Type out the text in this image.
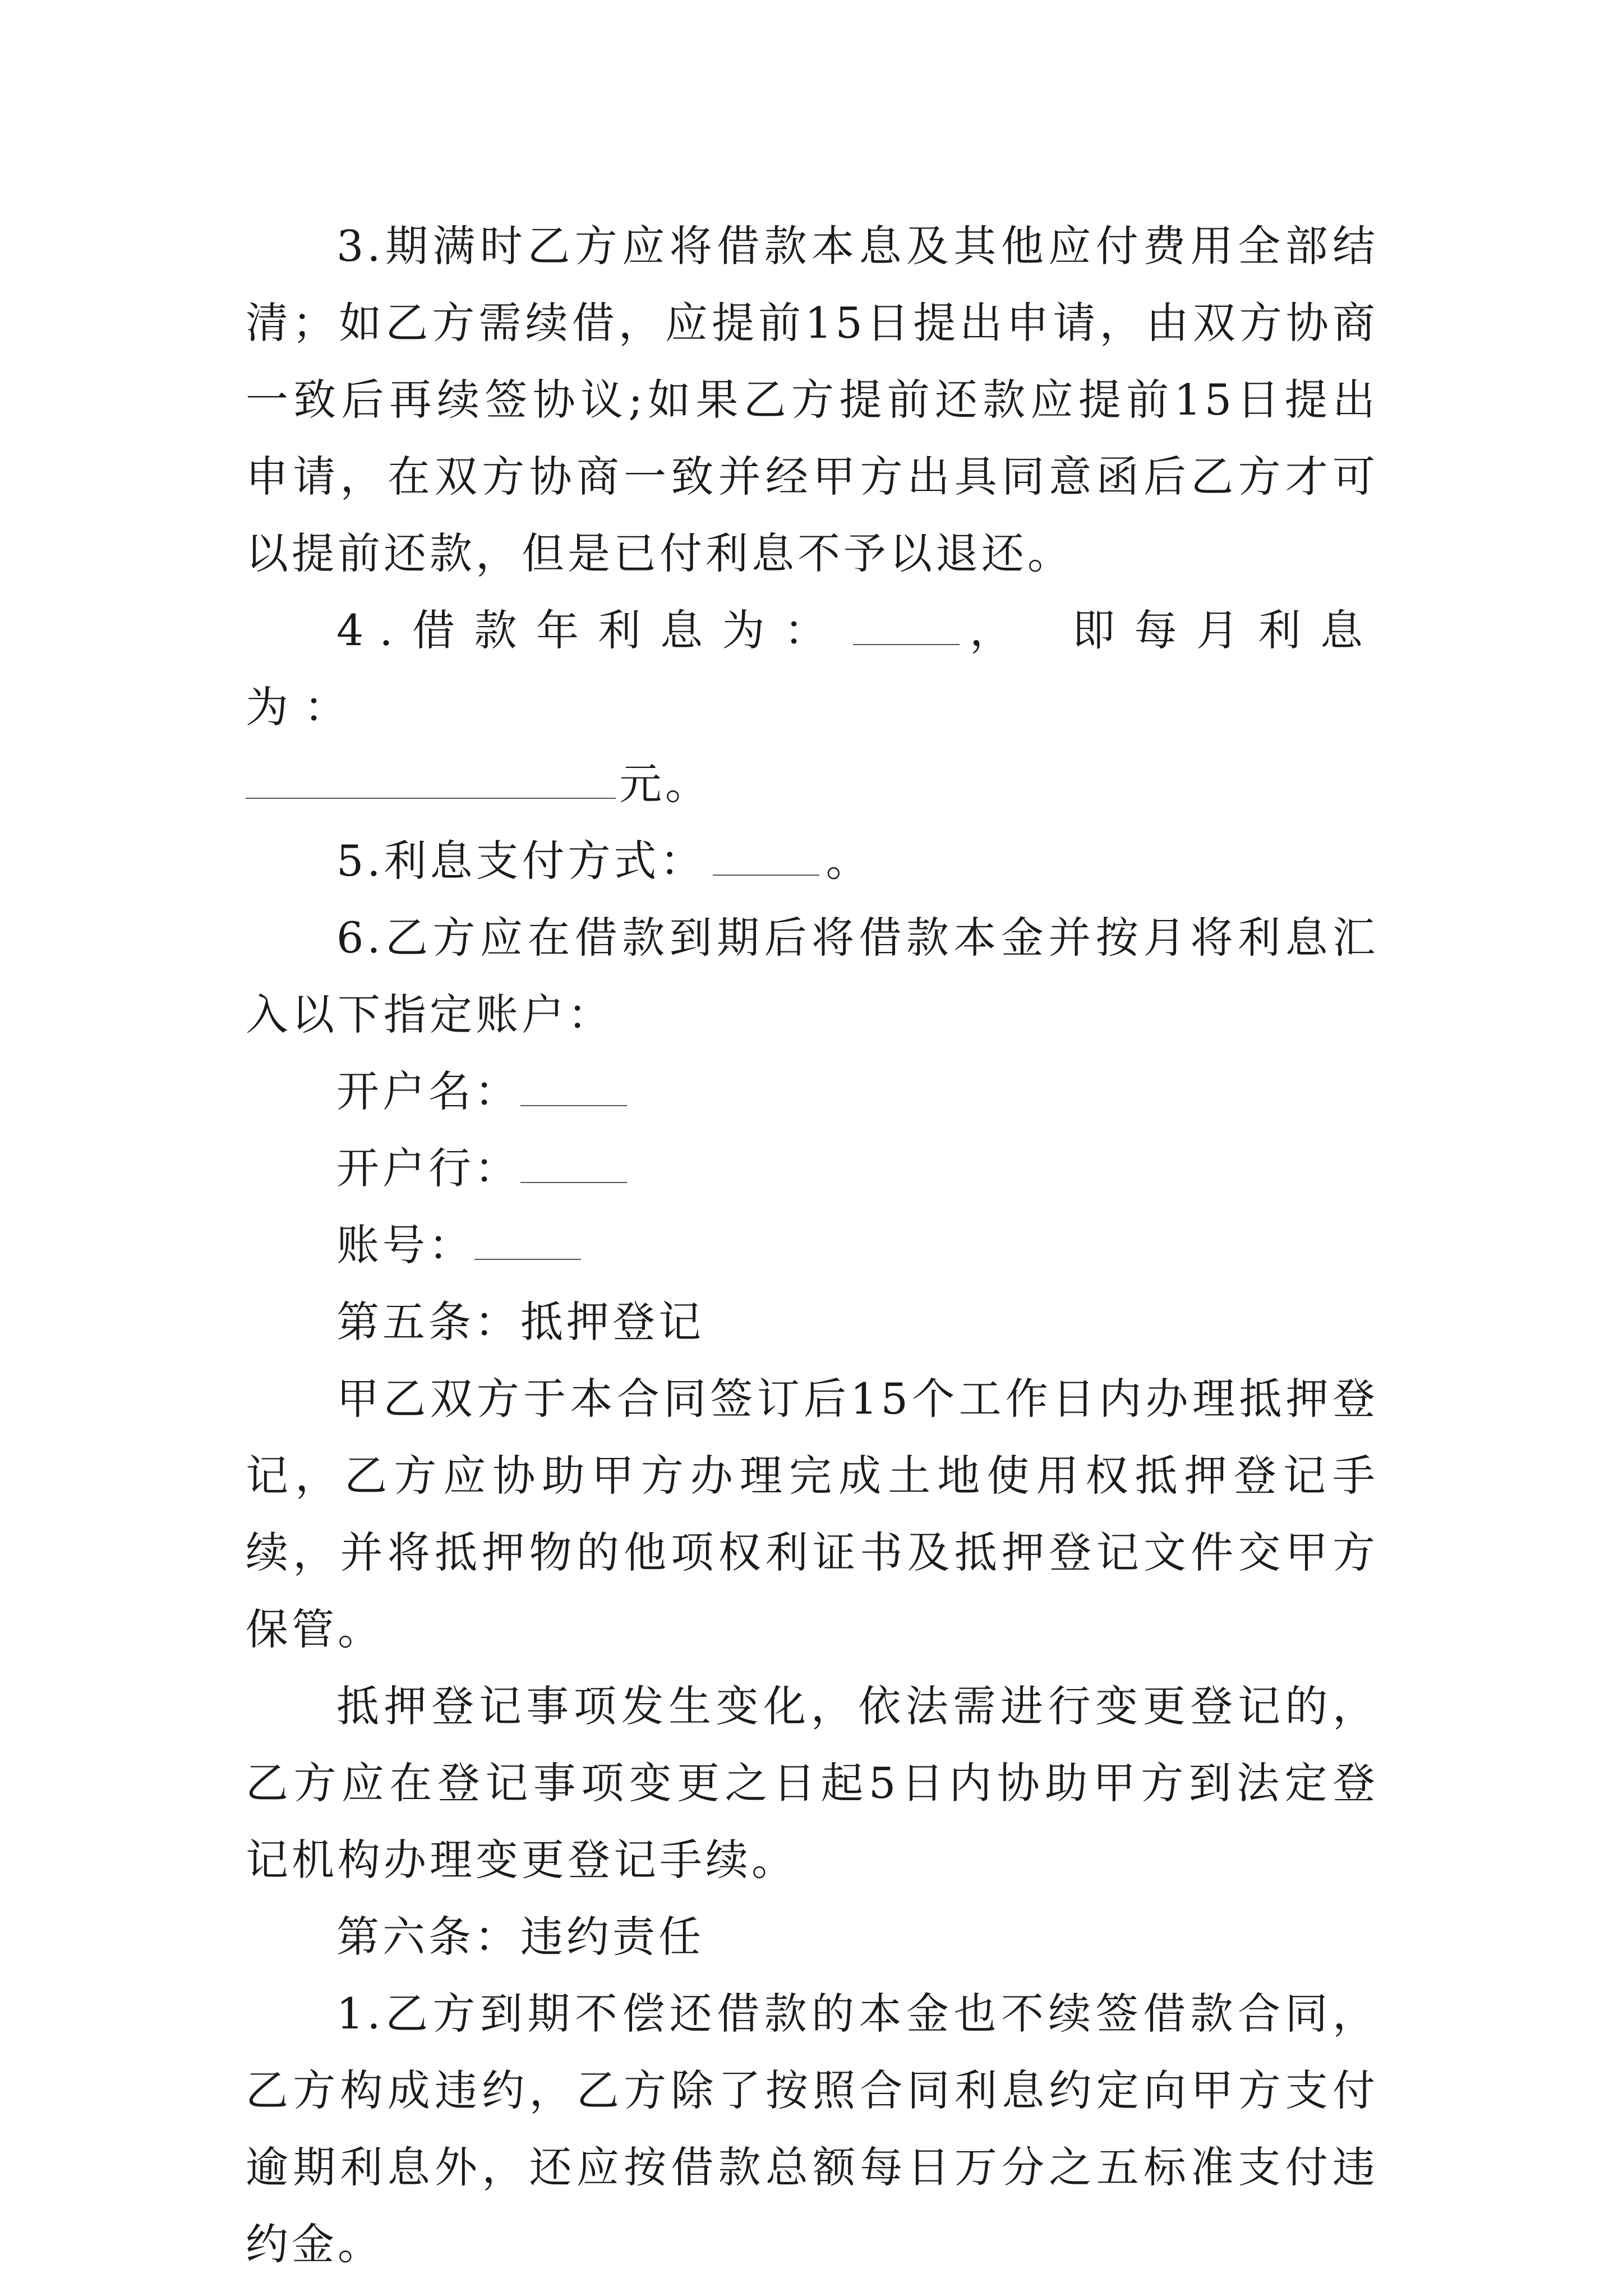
3.期满时乙方应将借款本息及其他应付费用全部结清；如乙方需续借，应提前15日提出申请，由双方协商一致后再续签协议;如果乙方提前还款应提前15日提出申请，在双方协商一致并经甲方出具同意函后乙方才可以提前还款，但是已付利息不予以退还。

4.借款年利息为：	，　即每月利息为：

元。

5.利息支付方式：	。

6.乙方应在借款到期后将借款本金并按月将利息汇入以下指定账户：

开户名：

开户行：

账号：

第五条：抵押登记

甲乙双方于本合同签订后15个工作日内办理抵押登记，乙方应协助甲方办理完成土地使用权抵押登记手续，并将抵押物的他项权利证书及抵押登记文件交甲方保管。

抵押登记事项发生变化，依法需进行变更登记的，乙方应在登记事项变更之日起5日内协助甲方到法定登记机构办理变更登记手续。

第六条：违约责任

1.乙方到期不偿还借款的本金也不续签借款合同，乙方构成违约，乙方除了按照合同利息约定向甲方支付逾期利息外，还应按借款总额每日万分之五标准支付违约金。
